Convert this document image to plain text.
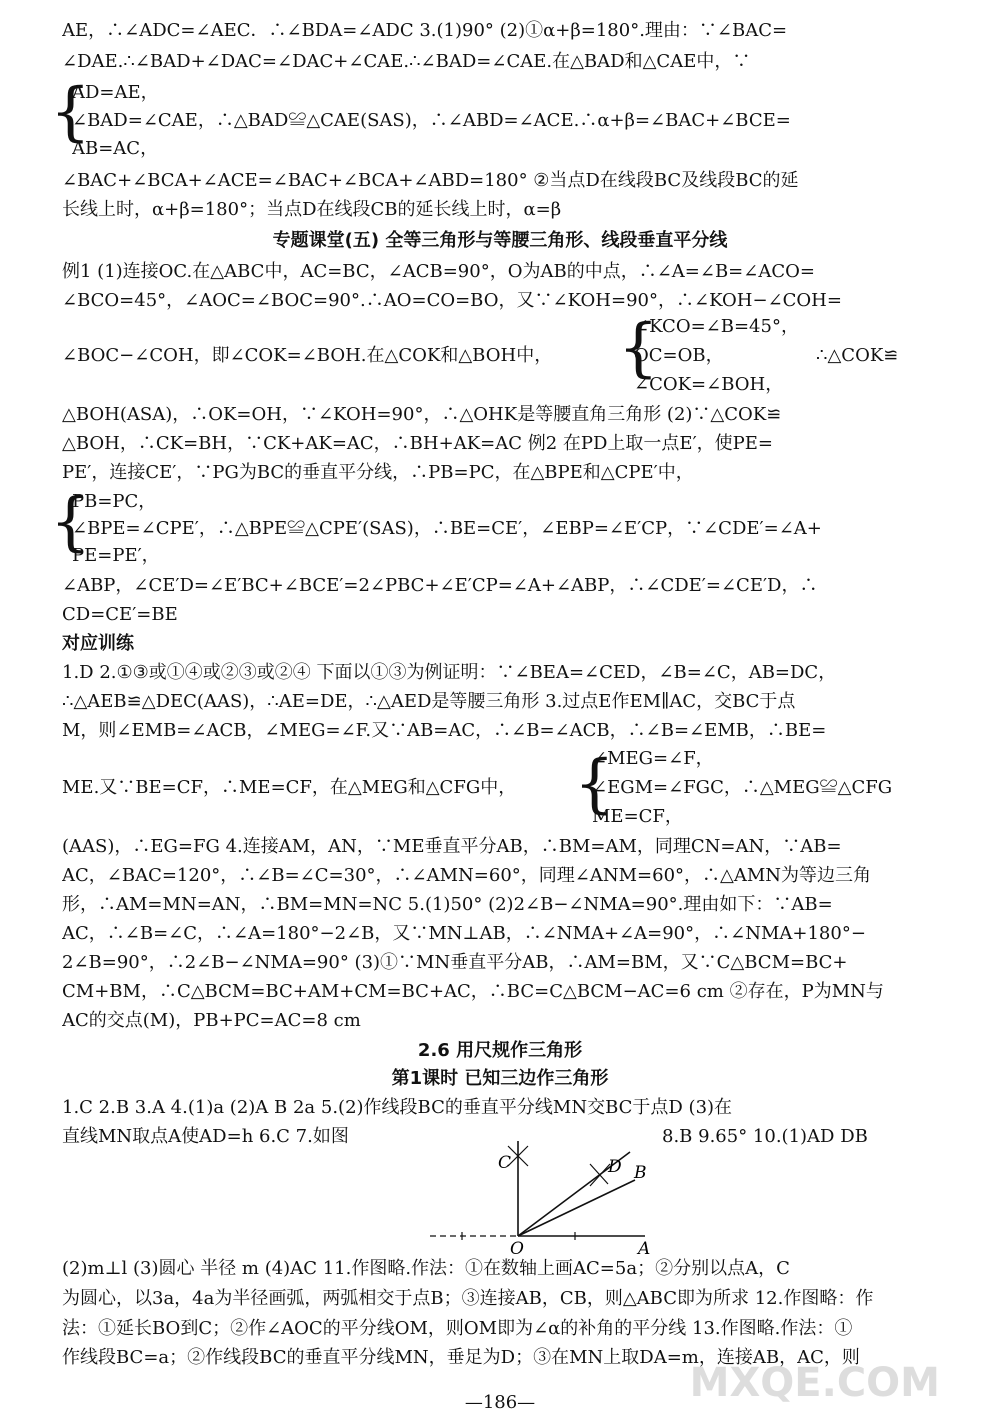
AE，∴∠ADC=∠AEC．∴∠BDA=∠ADC 3.(1)90° (2)①α+β=180°.理由：∵∠BAC=
∠DAE.∴∠BAD+∠DAC=∠DAC+∠CAE.∴∠BAD=∠CAE.在△BAD和△CAE中，∵
{
AD=AE，
∠BAD=∠CAE，∴△BAD≌△CAE(SAS)，∴∠ABD=∠ACE.∴α+β=∠BAC+∠BCE=
AB=AC，
∠BAC+∠BCA+∠ACE=∠BAC+∠BCA+∠ABD=180° ②当点D在线段BC及线段BC的延
长线上时，α+β=180°；当点D在线段CB的延长线上时，α=β
专题课堂(五) 全等三角形与等腰三角形、线段垂直平分线
例1 (1)连接OC.在△ABC中，AC=BC，∠ACB=90°，O为AB的中点，∴∠A=∠B=∠ACO=
∠BCO=45°，∠AOC=∠BOC=90°.∴AO=CO=BO，又∵∠KOH=90°，∴∠KOH−∠COH=
{
∠KCO=∠B=45°，
∠BOC−∠COH，即∠COK=∠BOH.在△COK和△BOH中，	OC=OB，	∴△COK≌
∠COK=∠BOH，
△BOH(ASA)，∴OK=OH，∵∠KOH=90°，∴△OHK是等腰直角三角形 (2)∵△COK≌
△BOH，∴CK=BH，∵CK+AK=AC，∴BH+AK=AC 例2 在PD上取一点E′，使PE=
PE′，连接CE′，∵PG为BC的垂直平分线，∴PB=PC，在△BPE和△CPE′中，
{
PB=PC，
∠BPE=∠CPE′，∴△BPE≌△CPE′(SAS)，∴BE=CE′，∠EBP=∠E′CP，∵∠CDE′=∠A+
PE=PE′，
∠ABP，∠CE′D=∠E′BC+∠BCE′=2∠PBC+∠E′CP=∠A+∠ABP，∴∠CDE′=∠CE′D，∴
CD=CE′=BE
对应训练
1.D 2.①③或①④或②③或②④ 下面以①③为例证明：∵∠BEA=∠CED，∠B=∠C，AB=DC，
∴△AEB≌△DEC(AAS)，∴AE=DE，∴△AED是等腰三角形 3.过点E作EM∥AC，交BC于点
M，则∠EMB=∠ACB，∠MEG=∠F.又∵AB=AC，∴∠B=∠ACB，∴∠B=∠EMB，∴BE=
{
∠MEG=∠F，
ME.又∵BE=CF，∴ME=CF，在△MEG和△CFG中，	∠EGM=∠FGC，∴△MEG≌△CFG
ME=CF，
(AAS)，∴EG=FG 4.连接AM，AN，∵ME垂直平分AB，∴BM=AM，同理CN=AN，∵AB=
AC，∠BAC=120°，∴∠B=∠C=30°，∴∠AMN=60°，同理∠ANM=60°，∴△AMN为等边三角
形，∴AM=MN=AN，∴BM=MN=NC 5.(1)50° (2)2∠B−∠NMA=90°.理由如下：∵AB=
AC，∴∠B=∠C，∴∠A=180°−2∠B，又∵MN⊥AB，∴∠NMA+∠A=90°，∴∠NMA+180°−
2∠B=90°，∴2∠B−∠NMA=90° (3)①∵MN垂直平分AB，∴AM=BM，又∵C△BCM=BC+
CM+BM，∴C△BCM=BC+AM+CM=BC+AC，∴BC=C△BCM−AC=6 cm ②存在，P为MN与
AC的交点(M)，PB+PC=AC=8 cm
2.6 用尺规作三角形
第1课时 已知三边作三角形
1.C 2.B 3.A 4.(1)a (2)A B 2a 5.(2)作线段BC的垂直平分线MN交BC于点D (3)在
直线MN取点A使AD=h 6.C 7.如图	8.B 9.65° 10.(1)AD DB
C	D B
O	A
(2)m⊥l (3)圆心 半径 m (4)AC 11.作图略.作法：①在数轴上画AC=5a；②分别以点A，C
为圆心，以3a，4a为半径画弧，两弧相交于点B；③连接AB，CB，则△ABC即为所求 12.作图略：作
法：①延长BO到C；②作∠AOC的平分线OM，则OM即为∠α的补角的平分线 13.作图略.作法：①
作线段BC=a；②作线段BC的垂直平分线MN，垂足为D；③在MN上取DA=m，连接AB，AC，则
—186—	MXQE.COM
